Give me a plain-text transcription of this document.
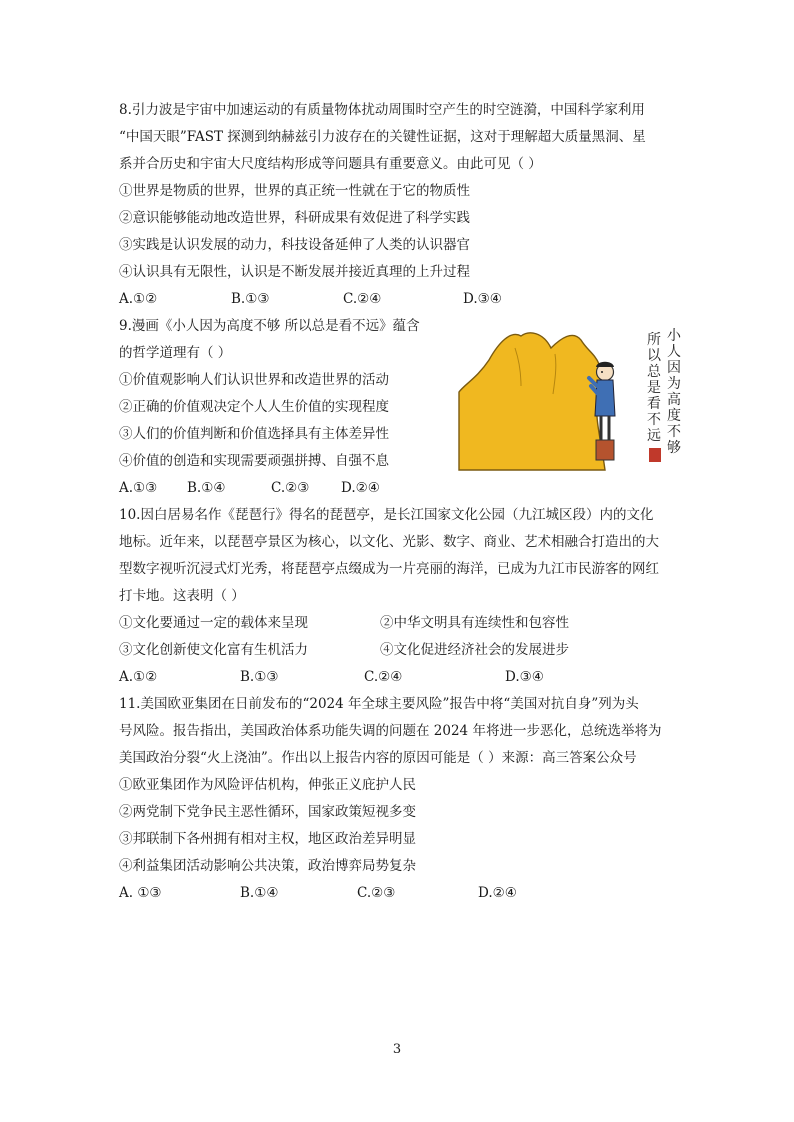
8.引力波是宇宙中加速运动的有质量物体扰动周围时空产生的时空涟漪，中国科学家利用
“中国天眼”FAST 探测到纳赫兹引力波存在的关键性证据，这对于理解超大质量黑洞、星
系并合历史和宇宙大尺度结构形成等问题具有重要意义。由此可见（ ）
①世界是物质的世界，世界的真正统一性就在于它的物质性
②意识能够能动地改造世界，科研成果有效促进了科学实践
③实践是认识发展的动力，科技设备延伸了人类的认识器官
④认识具有无限性，认识是不断发展并接近真理的上升过程
A.①②	B.①③	C.②④	D.③④
9.漫画《小人因为高度不够 所以总是看不远》蕴含
的哲学道理有（ ）
①价值观影响人们认识世界和改造世界的活动
②正确的价值观决定个人人生价值的实现程度
③人们的价值判断和价值选择具有主体差异性
④价值的创造和实现需要顽强拼搏、自强不息
A.①③ B.①④	C.②③ D.②④
小
人
因
为
高
度
不
够
所
以
总
是
看
不
远
10.因白居易名作《琵琶行》得名的琵琶亭，是长江国家文化公园（九江城区段）内的文化
地标。近年来，以琵琶亭景区为核心，以文化、光影、数字、商业、艺术相融合打造出的大
型数字视听沉浸式灯光秀，将琵琶亭点缀成为一片亮丽的海洋，已成为九江市民游客的网红
打卡地。这表明（ ）
①文化要通过一定的载体来呈现	②中华文明具有连续性和包容性
③文化创新使文化富有生机活力	④文化促进经济社会的发展进步
A.①②	B.①③	C.②④	D.③④
11.美国欧亚集团在日前发布的“2024 年全球主要风险”报告中将“美国对抗自身”列为头
号风险。报告指出，美国政治体系功能失调的问题在 2024 年将进一步恶化，总统选举将为
美国政治分裂“火上浇油”。作出以上报告内容的原因可能是（ ）来源：高三答案公众号
①欧亚集团作为风险评估机构，伸张正义庇护人民
②两党制下党争民主恶性循环，国家政策短视多变
③邦联制下各州拥有相对主权，地区政治差异明显
④利益集团活动影响公共决策，政治博弈局势复杂
A. ①③	B.①④	C.②③	D.②④
3
